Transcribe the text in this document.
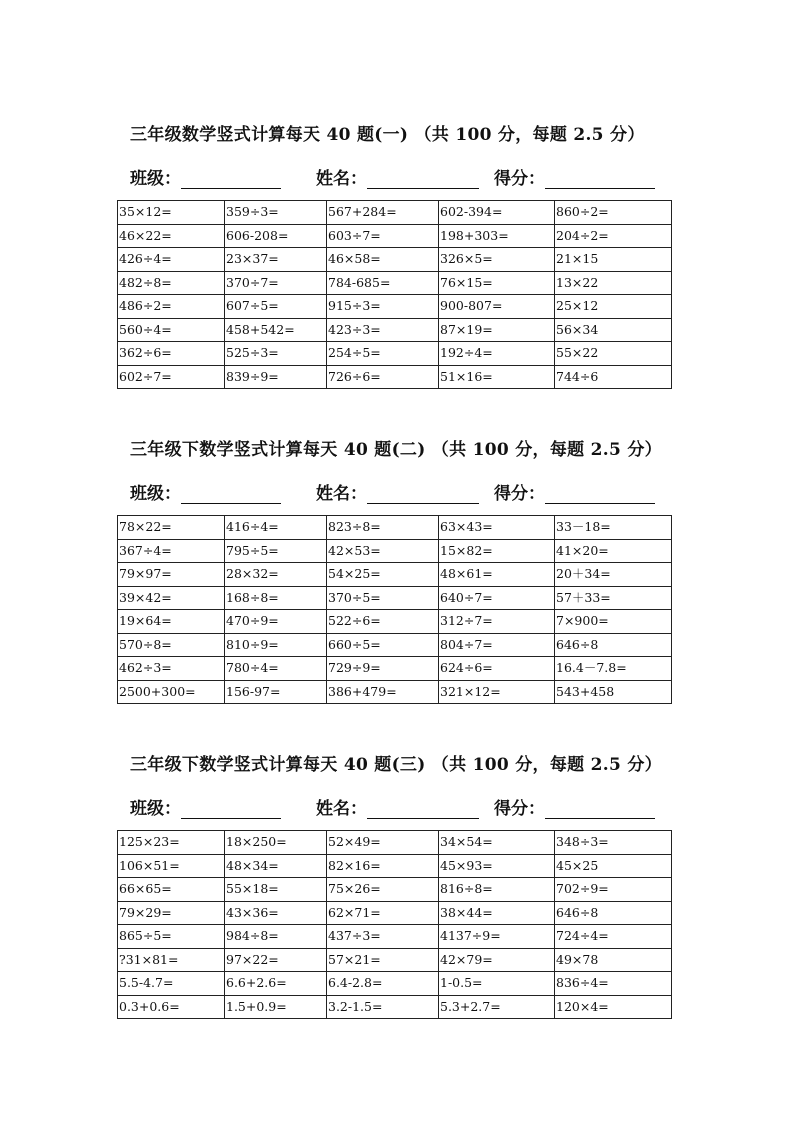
三年级数学竖式计算每天 40 题(一) （共 100 分，每题 2.5 分）
班级：	姓名：	得分：
35×12=	359÷3=	567+284=	602-394=	860÷2=
46×22=	606-208=	603÷7=	198+303=	204÷2=
426÷4=	23×37=	46×58=	326×5=	21×15
482÷8=	370÷7=	784-685=	76×15=	13×22
486÷2=	607÷5=	915÷3=	900-807=	25×12
560÷4=	458+542=	423÷3=	87×19=	56×34
362÷6=	525÷3=	254÷5=	192÷4=	55×22
602÷7=	839÷9=	726÷6=	51×16=	744÷6
三年级下数学竖式计算每天 40 题(二) （共 100 分，每题 2.5 分）
班级：	姓名：	得分：
78×22=	416÷4=	823÷8=	63×43=	33－18=
367÷4=	795÷5=	42×53=	15×82=	41×20=
79×97=	28×32=	54×25=	48×61=	20＋34=
39×42=	168÷8=	370÷5=	640÷7=	57＋33=
19×64=	470÷9=	522÷6=	312÷7=	7×900=
570÷8=	810÷9=	660÷5=	804÷7=	646÷8
462÷3=	780÷4=	729÷9=	624÷6=	16.4－7.8=
2500+300=	156-97=	386+479=	321×12=	543+458
三年级下数学竖式计算每天 40 题(三) （共 100 分，每题 2.5 分）
班级：	姓名：	得分：
125×23=	18×250=	52×49=	34×54=	348÷3=
106×51=	48×34=	82×16=	45×93=	45×25
66×65=	55×18=	75×26=	816÷8=	702÷9=
79×29=	43×36=	62×71=	38×44=	646÷8
865÷5=	984÷8=	437÷3=	4137÷9=	724÷4=
?31×81=	97×22=	57×21=	42×79=	49×78
5.5-4.7=	6.6+2.6=	6.4-2.8=	1-0.5=	836÷4=
0.3+0.6=	1.5+0.9=	3.2-1.5=	5.3+2.7=	120×4=
